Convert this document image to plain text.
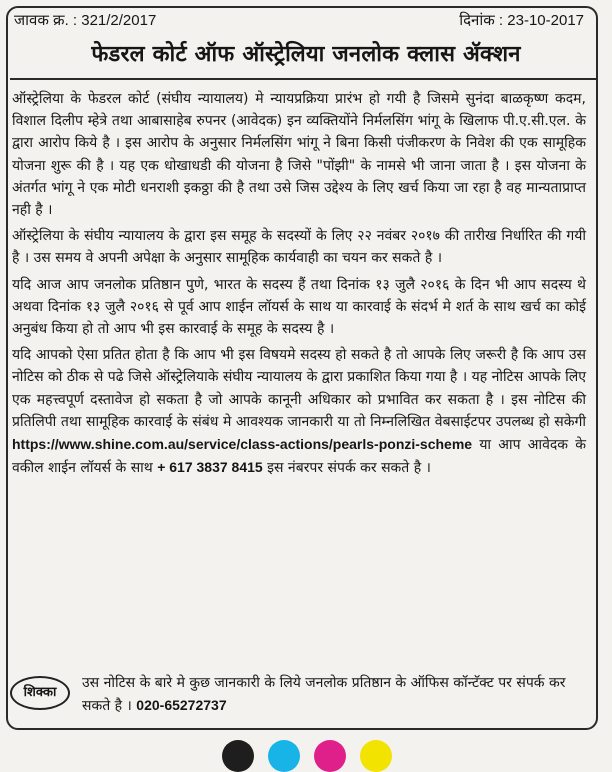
जावक क्र. : 321/2/2017	दिनांक : 23-10-2017
फेडरल कोर्ट ऑफ ऑस्ट्रेलिया जनलोक क्लास ॲक्शन

ऑस्ट्रेलिया के फेडरल कोर्ट (संघीय न्यायालय) मे न्यायप्रक्रिया प्रारंभ हो गयी है जिसमे सुनंदा बाळकृष्ण कदम, विशाल दिलीप म्हेत्रे तथा आबासाहेब रुपनर (आवेदक) इन व्यक्तियोंने निर्मलसिंग भांगू के खिलाफ पी.ए.सी.एल. के द्वारा आरोप किये है । इस आरोप के अनुसार निर्मलसिंग भांगू ने बिना किसी पंजीकरण के निवेश की एक सामूहिक योजना शुरू की है । यह एक धोखाधडी की योजना है जिसे "पोंझी" के नामसे भी जाना जाता है । इस योजना के अंतर्गत भांगू ने एक मोटी धनराशी इकठ्ठा की है तथा उसे जिस उद्देश्य के लिए खर्च किया जा रहा है वह मान्यताप्राप्त नही है ।

ऑस्ट्रेलिया के संघीय न्यायालय के द्वारा इस समूह के सदस्यों के लिए २२ नवंबर २०१७ की तारीख निर्धारित की गयी है । उस समय वे अपनी अपेक्षा के अनुसार सामूहिक कार्यवाही का चयन कर सकते है ।

यदि आज आप जनलोक प्रतिष्ठान पुणे, भारत के सदस्य हैं तथा दिनांक १३ जुलै २०१६ के दिन भी आप सदस्य थे अथवा दिनांक १३ जुलै २०१६ से पूर्व आप शाईन लॉयर्स के साथ या कारवाई के संदर्भ मे शर्त के साथ खर्च का कोई अनुबंध किया हो तो आप भी इस कारवाई के समूह के सदस्य है ।

यदि आपको ऐसा प्रतित होता है कि आप भी इस विषयमे सदस्य हो सकते है तो आपके लिए जरूरी है कि आप उस नोटिस को ठीक से पढे जिसे ऑस्ट्रेलियाके संघीय न्यायालय के द्वारा प्रकाशित किया गया है । यह नोटिस आपके लिए एक महत्त्वपूर्ण दस्तावेज हो सकता है जो आपके कानूनी अधिकार को प्रभावित कर सकता है । इस नोटिस की प्रतिलिपी तथा सामूहिक कारवाई के संबंध मे आवश्यक जानकारी या तो निम्नलिखित वेबसाईटपर उपलब्ध हो सकेगी https://www.shine.com.au/service/class-actions/pearls-ponzi-scheme या आप आवेदक के वकील शाईन लॉयर्स के साथ + 617 3837 8415 इस नंबरपर संपर्क कर सकते है ।

शिक्का
उस नोटिस के बारे मे कुछ जानकारी के लिये जनलोक प्रतिष्ठान के ऑफिस कॉन्टॅक्ट पर संपर्क कर सकते है । 020-65272737
